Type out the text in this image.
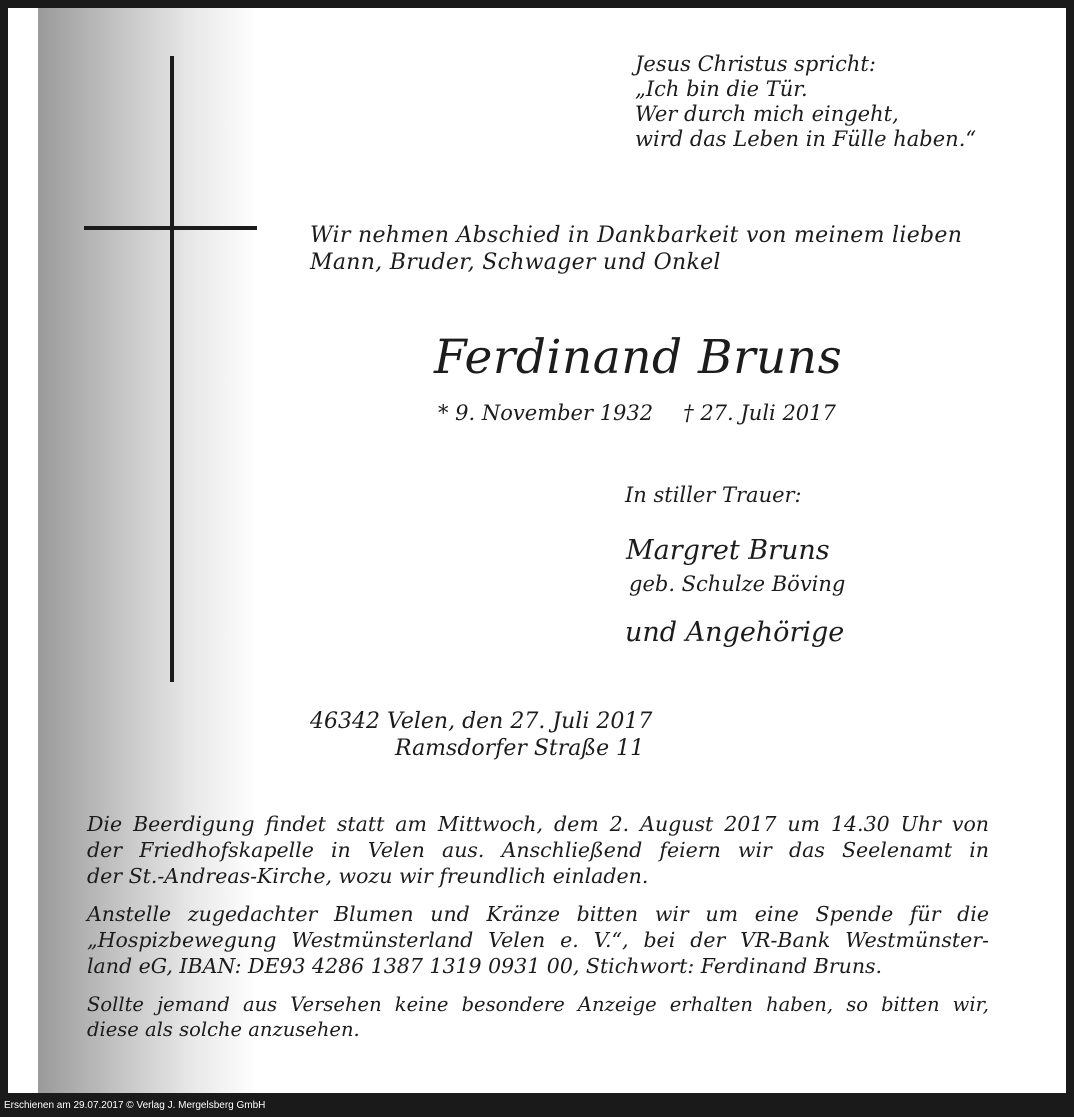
Jesus Christus spricht:
„Ich bin die Tür.
Wer durch mich eingeht,
wird das Leben in Fülle haben.“
Wir nehmen Abschied in Dankbarkeit von meinem lieben
Mann, Bruder, Schwager und Onkel
Ferdinand Bruns
* 9. November 1932 † 27. Juli 2017
In stiller Trauer:
Margret Bruns
geb. Schulze Böving
und Angehörige
46342 Velen, den 27. Juli 2017
Ramsdorfer Straße 11
Die Beerdigung findet statt am Mittwoch, dem 2. August 2017 um 14.30 Uhr von
der Friedhofskapelle in Velen aus. Anschließend feiern wir das Seelenamt in
der St.-Andreas-Kirche, wozu wir freundlich einladen.
Anstelle zugedachter Blumen und Kränze bitten wir um eine Spende für die
„Hospizbewegung Westmünsterland Velen e. V.“, bei der VR-Bank Westmünster-
land eG, IBAN: DE93 4286 1387 1319 0931 00, Stichwort: Ferdinand Bruns.
Sollte jemand aus Versehen keine besondere Anzeige erhalten haben, so bitten wir,
diese als solche anzusehen.
Erschienen am 29.07.2017 © Verlag J. Mergelsberg GmbH
